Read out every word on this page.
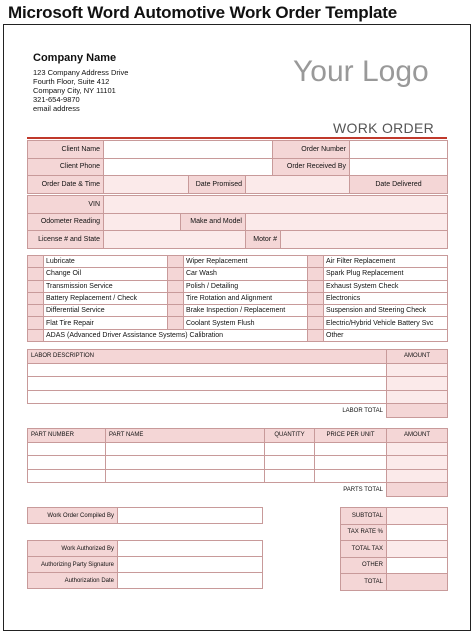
Microsoft Word Automotive Work Order Template
Company Name
123 Company Address Drive
Fourth Floor, Suite 412
Company City, NY 11101
321-654-9870
email address
Your Logo
WORK ORDER
Client Name				Order Number	
Client Phone				Order Received By	
Order Date & Time		Date Promised			Date Delivered
VIN				
Odometer Reading		Make and Model		
License # and State			Motor #	
	Lubricate		Wiper Replacement		Air Filter Replacement
	Change Oil		Car Wash		Spark Plug Replacement
	Transmission Service		Polish / Detailing		Exhaust System Check
	Battery Replacement / Check		Tire Rotation and Alignment		Electronics
	Differential Service		Brake Inspection / Replacement		Suspension and Steering Check
	Flat Tire Repair		Coolant System Flush		Electric/Hybrid Vehicle Battery Svc
	ADAS (Advanced Driver Assistance Systems) Calibration				Other
LABOR DESCRIPTION	AMOUNT

LABOR TOTAL	
PART NUMBER	PART NAME	QUANTITY	PRICE PER UNIT	AMOUNT

PARTS TOTAL				
Work Order Compiled By	
Work Authorized By	
Authorizing Party Signature	
Authorization Date	
SUBTOTAL	
TAX RATE %	
TOTAL TAX	
OTHER	
TOTAL	
